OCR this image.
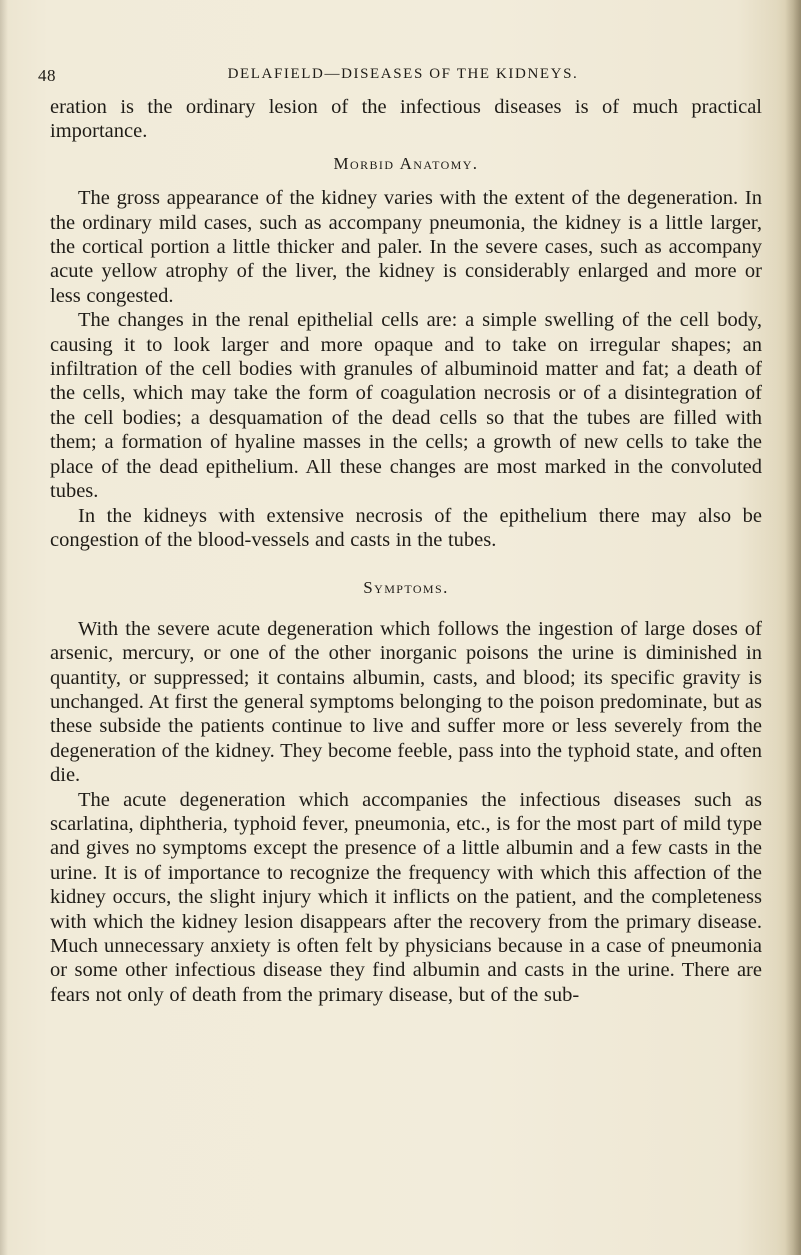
48	DELAFIELD—DISEASES OF THE KIDNEYS.

eration is the ordinary lesion of the infectious diseases is of much practical importance.

Morbid Anatomy.

The gross appearance of the kidney varies with the extent of the degeneration. In the ordinary mild cases, such as accompany pneumonia, the kidney is a little larger, the cortical portion a little thicker and paler. In the severe cases, such as accompany acute yellow atrophy of the liver, the kidney is considerably enlarged and more or less congested.

The changes in the renal epithelial cells are: a simple swelling of the cell body, causing it to look larger and more opaque and to take on irregular shapes; an infiltration of the cell bodies with granules of albuminoid matter and fat; a death of the cells, which may take the form of coagulation necrosis or of a disintegration of the cell bodies; a desquamation of the dead cells so that the tubes are filled with them; a formation of hyaline masses in the cells; a growth of new cells to take the place of the dead epithelium. All these changes are most marked in the convoluted tubes.

In the kidneys with extensive necrosis of the epithelium there may also be congestion of the blood-vessels and casts in the tubes.

Symptoms.

With the severe acute degeneration which follows the ingestion of large doses of arsenic, mercury, or one of the other inorganic poisons the urine is diminished in quantity, or suppressed; it contains albumin, casts, and blood; its specific gravity is unchanged. At first the general symptoms belonging to the poison predominate, but as these subside the patients continue to live and suffer more or less severely from the degeneration of the kidney. They become feeble, pass into the typhoid state, and often die.

The acute degeneration which accompanies the infectious diseases such as scarlatina, diphtheria, typhoid fever, pneumonia, etc., is for the most part of mild type and gives no symptoms except the presence of a little albumin and a few casts in the urine. It is of importance to recognize the frequency with which this affection of the kidney occurs, the slight injury which it inflicts on the patient, and the completeness with which the kidney lesion disappears after the recovery from the primary disease. Much unnecessary anxiety is often felt by physicians because in a case of pneumonia or some other infectious disease they find albumin and casts in the urine. There are fears not only of death from the primary disease, but of the sub-
